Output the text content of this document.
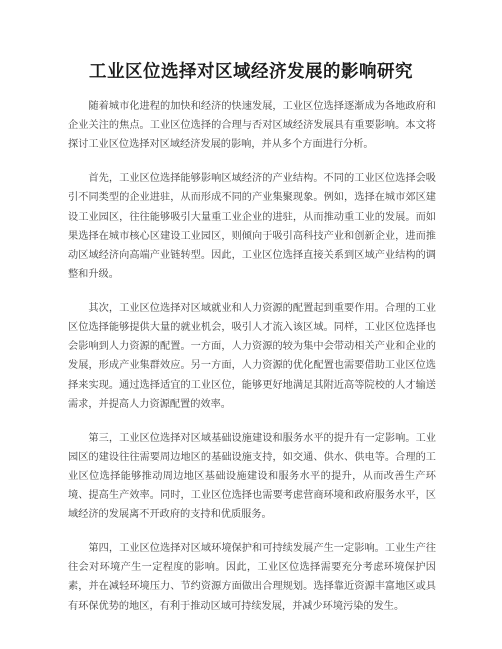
工业区位选择对区域经济发展的影响研究

随着城市化进程的加快和经济的快速发展，工业区位选择逐渐成为各地政府和企业关注的焦点。工业区位选择的合理与否对区域经济发展具有重要影响。本文将探讨工业区位选择对区域经济发展的影响，并从多个方面进行分析。

首先，工业区位选择能够影响区域经济的产业结构。不同的工业区位选择会吸引不同类型的企业进驻，从而形成不同的产业集聚现象。例如，选择在城市郊区建设工业园区，往往能够吸引大量重工业企业的进驻，从而推动重工业的发展。而如果选择在城市核心区建设工业园区，则倾向于吸引高科技产业和创新企业，进而推动区域经济向高端产业链转型。因此，工业区位选择直接关系到区域产业结构的调整和升级。

其次，工业区位选择对区域就业和人力资源的配置起到重要作用。合理的工业区位选择能够提供大量的就业机会，吸引人才流入该区域。同样，工业区位选择也会影响到人力资源的配置。一方面，人力资源的较为集中会带动相关产业和企业的发展，形成产业集群效应。另一方面，人力资源的优化配置也需要借助工业区位选择来实现。通过选择适宜的工业区位，能够更好地满足其附近高等院校的人才输送需求，并提高人力资源配置的效率。

第三，工业区位选择对区域基础设施建设和服务水平的提升有一定影响。工业园区的建设往往需要周边地区的基础设施支持，如交通、供水、供电等。合理的工业区位选择能够推动周边地区基础设施建设和服务水平的提升，从而改善生产环境、提高生产效率。同时，工业区位选择也需要考虑营商环境和政府服务水平，区域经济的发展离不开政府的支持和优质服务。

第四，工业区位选择对区域环境保护和可持续发展产生一定影响。工业生产往往会对环境产生一定程度的影响。因此，工业区位选择需要充分考虑环境保护因素，并在减轻环境压力、节约资源方面做出合理规划。选择靠近资源丰富地区或具有环保优势的地区，有利于推动区域可持续发展，并减少环境污染的发生。
